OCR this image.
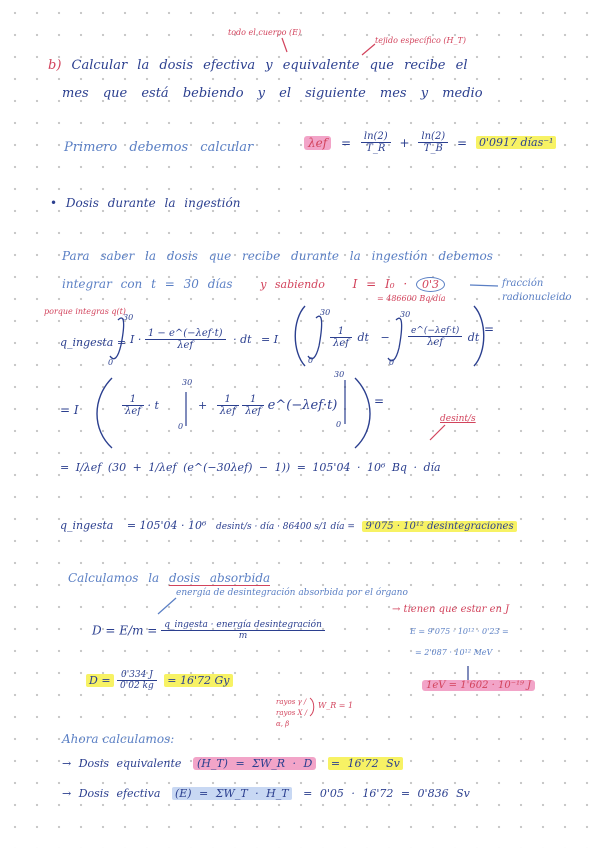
todo el cuerpo (E)
tejido específico (H_T)
b) Calcular la dosis efectiva y equivalente que recibe el
mes que está bebiendo y el siguiente mes y medio
Primero debemos calcular	$\lambda ef = \frac{\ln(2)}{T\_R} + \frac{\ln(2)}{T\_B} = 0'0917$ días⁻¹
• Dosis durante la ingestión
Para saber la dosis que recibe durante la ingestión debemos
integrar con t = 30 días	y sabiendo I = I₀ · 0'3
= 486600 Bq/día
fracción
radionucleido
porque integras q(t)
q_ingesta =
30
0
$I \cdot \frac{\text{1 − e\textasciicircum{}(−λef·t)}}{\text{λef}}$ · dt = I
30
0
$\frac{1}{\text{λef}}$ dt −
30
0
$\frac{\text{e\textasciicircum{}(−λef·t)}}{\text{λef}}$ dt
=
= I	$\frac{1}{\text{λef}} \cdot t$
30
0
+ $\frac{1}{\text{λef}}$
$\frac{1}{\text{λef}}$ e^(−λef·t)
30
0
=
desint/s
= I/λef (30 + 1/λef (e^(−30λef) − 1)) = 105'04 · 10⁶ Bq · día
q_ingesta = 105'04 · 10⁶ desint/s · día · 86400 s/1 día = 9'075 · 10¹² desintegraciones
Calculamos la dosis absorbida
energía de desintegración absorbida por el órgano
$D = E/m = \frac{\text{q\_ingesta · energía desintegración}}{m}$
→ tienen que estar en J
E = 9'075 · 10¹² · 0'23 =
= 2'087 · 10¹² MeV
1eV = 1'602 · 10⁻¹⁹ J
$D = \frac{0'334 J}{0'02 kg} = 16'72$ Gy
rayos γ / rayos X / α, β
W_R = 1
Ahora calculamos:
→ Dosis equivalente (H_T) = ΣW_R · D = 16'72 Sv
→ Dosis efectiva (E) = ΣW_T · H_T = 0'05 · 16'72 = 0'836 Sv
